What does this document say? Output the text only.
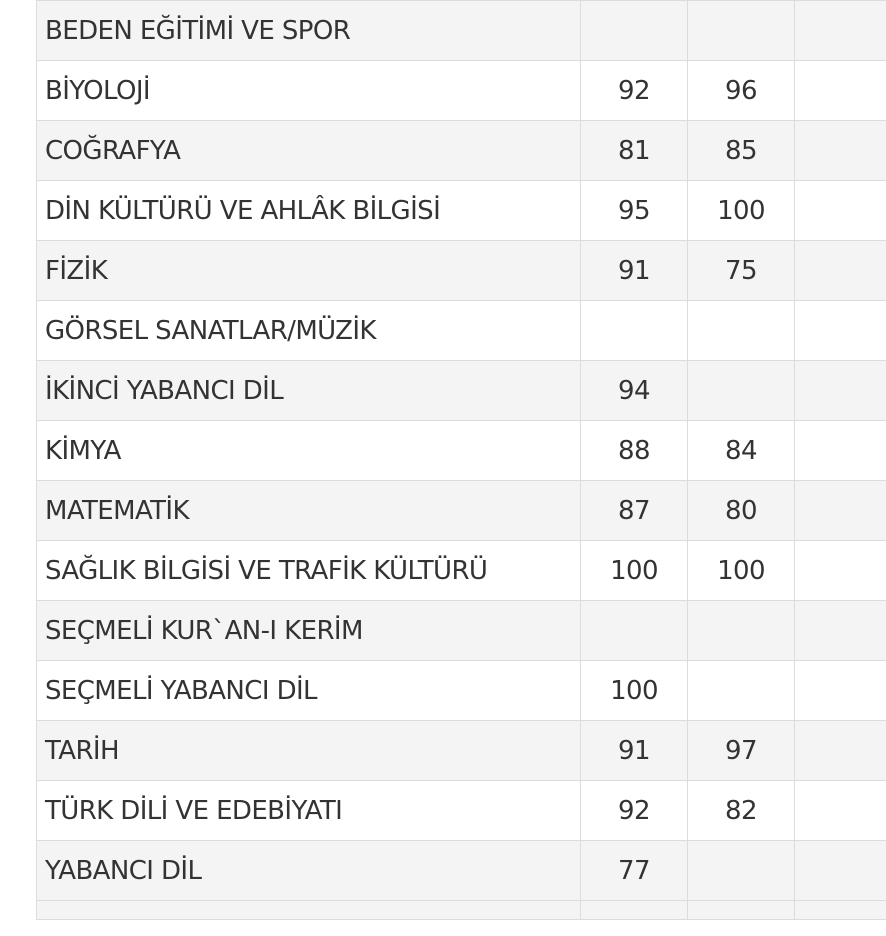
BEDEN EĞİTİMİ VE SPOR			
BİYOLOJİ	92	96	
COĞRAFYA	81	85	
DİN KÜLTÜRÜ VE AHLÂK BİLGİSİ	95	100	
FİZİK	91	75	
GÖRSEL SANATLAR/MÜZİK			
İKİNCİ YABANCI DİL	94		
KİMYA	88	84	
MATEMATİK	87	80	
SAĞLIK BİLGİSİ VE TRAFİK KÜLTÜRÜ	100	100	
SEÇMELİ KUR`AN-I KERİM			
SEÇMELİ YABANCI DİL	100		
TARİH	91	97	
TÜRK DİLİ VE EDEBİYATI	92	82	
YABANCI DİL	77		
